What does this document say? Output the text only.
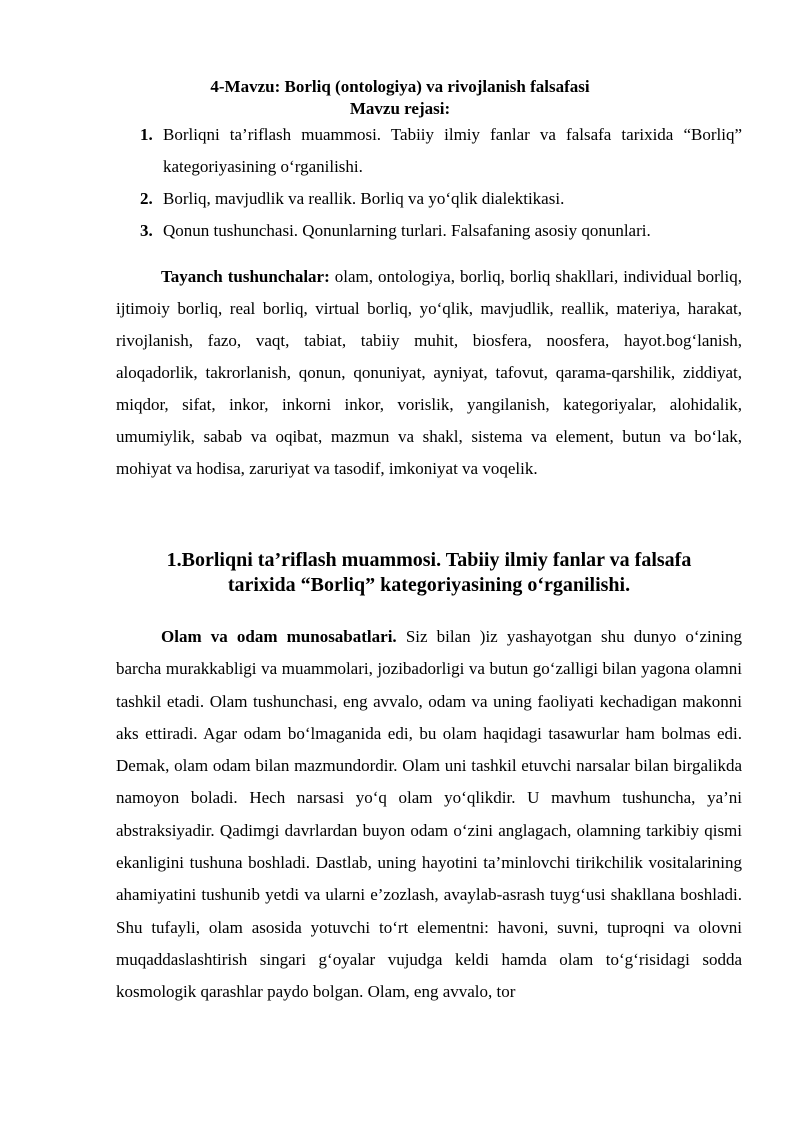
4-Mavzu: Borliq (ontologiya) va rivojlanish falsafasi
Mavzu rejasi:
1. Borliqni ta’riflash muammosi. Tabiiy ilmiy fanlar va falsafa tarixida “Borliq” kategoriyasining o‘rganilishi.
2. Borliq, mavjudlik va reallik. Borliq va yo‘qlik dialektikasi.
3. Qonun tushunchasi. Qonunlarning turlari. Falsafaning asosiy qonunlari.

Tayanch tushunchalar: olam, ontologiya, borliq, borliq shakllari, individual borliq, ijtimoiy borliq, real borliq, virtual borliq, yo‘qlik, mavjudlik, reallik, materiya, harakat, rivojlanish, fazo, vaqt, tabiat, tabiiy muhit, biosfera, noosfera, hayot.bog‘lanish, aloqadorlik, takrorlanish, qonun, qonuniyat, ayniyat, tafovut, qarama-qarshilik, ziddiyat, miqdor, sifat, inkor, inkorni inkor, vorislik, yangilanish, kategoriyalar, alohidalik, umumiylik, sabab va oqibat, mazmun va shakl, sistema va element, butun va bo‘lak, mohiyat va hodisa, zaruriyat va tasodif, imkoniyat va voqelik.

1.Borliqni ta’riflash muammosi. Tabiiy ilmiy fanlar va falsafa
tarixida “Borliq” kategoriyasining o‘rganilishi.

Olam va odam munosabatlari. Siz bilan )iz yashayotgan shu dunyo o‘zining barcha murakkabligi va muammolari, jozibadorligi va butun go‘zalligi bilan yagona olamni tashkil etadi. Olam tushunchasi, eng avvalo, odam va uning faoliyati kechadigan makonni aks ettiradi. Agar odam bo‘lmaganida edi, bu olam haqidagi tasawurlar ham bolmas edi. Demak, olam odam bilan mazmundordir. Olam uni tashkil etuvchi narsalar bilan birgalikda namoyon boladi. Hech narsasi yo‘q olam yo‘qlikdir. U mavhum tushuncha, ya’ni abstraksiyadir. Qadimgi davrlardan buyon odam o‘zini anglagach, olamning tarkibiy qismi ekanligini tushuna boshladi. Dastlab, uning hayotini ta’minlovchi tirikchilik vositalarining ahamiyatini tushunib yetdi va ularni e’zozlash, avaylab-asrash tuyg‘usi shakllana boshladi. Shu tufayli, olam asosida yotuvchi to‘rt elementni: havoni, suvni, tuproqni va olovni muqaddaslashtirish singari g‘oyalar vujudga keldi hamda olam to‘g‘risidagi sodda kosmologik qarashlar paydo bolgan. Olam, eng avvalo, tor
